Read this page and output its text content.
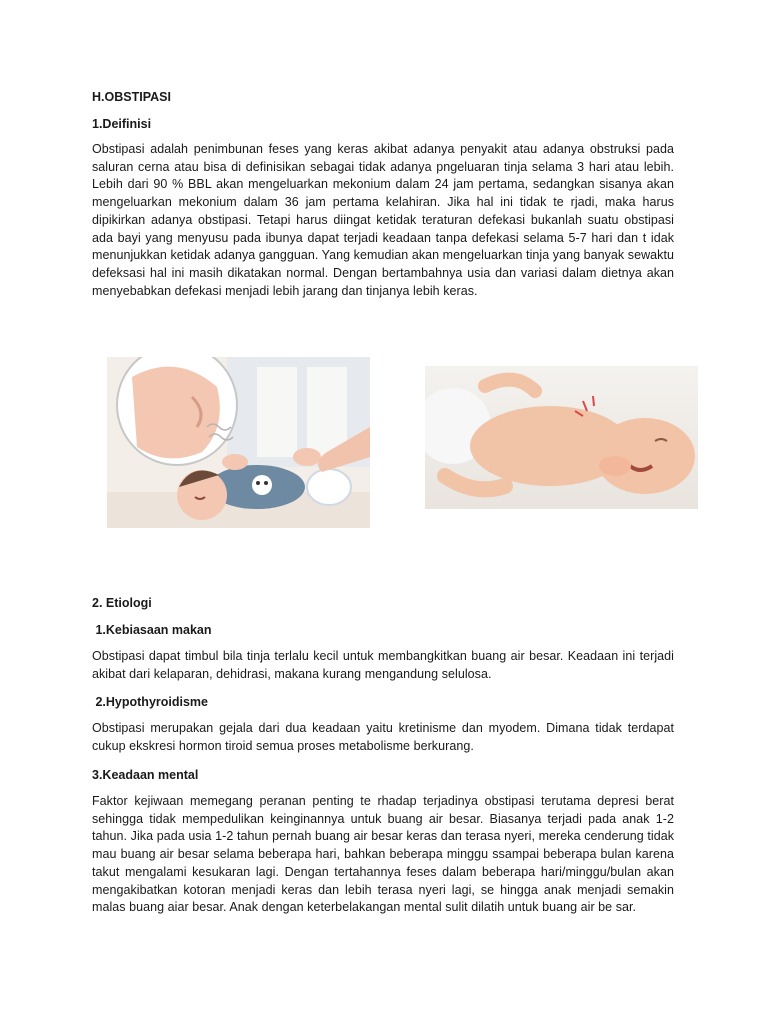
H.OBSTIPASI
1.Deifinisi

Obstipasi adalah penimbunan feses yang keras akibat adanya penyakit atau adanya obstruksi pada saluran cerna atau bisa di definisikan sebagai tidak adanya pngeluaran tinja selama 3 hari atau lebih. Lebih dari 90 % BBL akan mengeluarkan mekonium dalam 24 jam pertama, sedangkan sisanya akan mengeluarkan mekonium dalam 36 jam pertama kelahiran. Jika hal ini tidak te rjadi, maka harus dipikirkan adanya obstipasi. Tetapi harus diingat ketidak teraturan defekasi bukanlah suatu obstipasi ada bayi yang menyusu pada ibunya dapat terjadi keadaan tanpa defekasi selama 5-7 hari dan t idak menunjukkan ketidak adanya gangguan. Yang kemudian akan mengeluarkan tinja yang banyak sewaktu defeksasi hal ini masih dikatakan normal. Dengan bertambahnya usia dan variasi dalam dietnya akan menyebabkan defekasi menjadi lebih jarang dan tinjanya lebih keras.

2. Etiologi
1.Kebiasaan makan

Obstipasi dapat timbul bila tinja terlalu kecil untuk membangkitkan buang air besar. Keadaan ini terjadi akibat dari kelaparan, dehidrasi, makana kurang mengandung selulosa.

2.Hypothyroidisme

Obstipasi merupakan gejala dari dua keadaan yaitu kretinisme dan myodem. Dimana tidak terdapat cukup ekskresi hormon tiroid semua proses metabolisme berkurang.

3.Keadaan mental

Faktor kejiwaan memegang peranan penting te rhadap terjadinya obstipasi terutama depresi berat sehingga tidak mempedulikan keinginannya untuk buang air besar. Biasanya terjadi pada anak 1-2 tahun. Jika pada usia 1-2 tahun pernah buang air besar keras dan terasa nyeri, mereka cenderung tidak mau buang air besar selama beberapa hari, bahkan beberapa minggu ssampai beberapa bulan karena takut mengalami kesukaran lagi. Dengan tertahannya feses dalam beberapa hari/minggu/bulan akan mengakibatkan kotoran menjadi keras dan lebih terasa nyeri lagi, se hingga anak menjadi semakin malas buang aiar besar. Anak dengan keterbelakangan mental sulit dilatih untuk buang air be sar.
